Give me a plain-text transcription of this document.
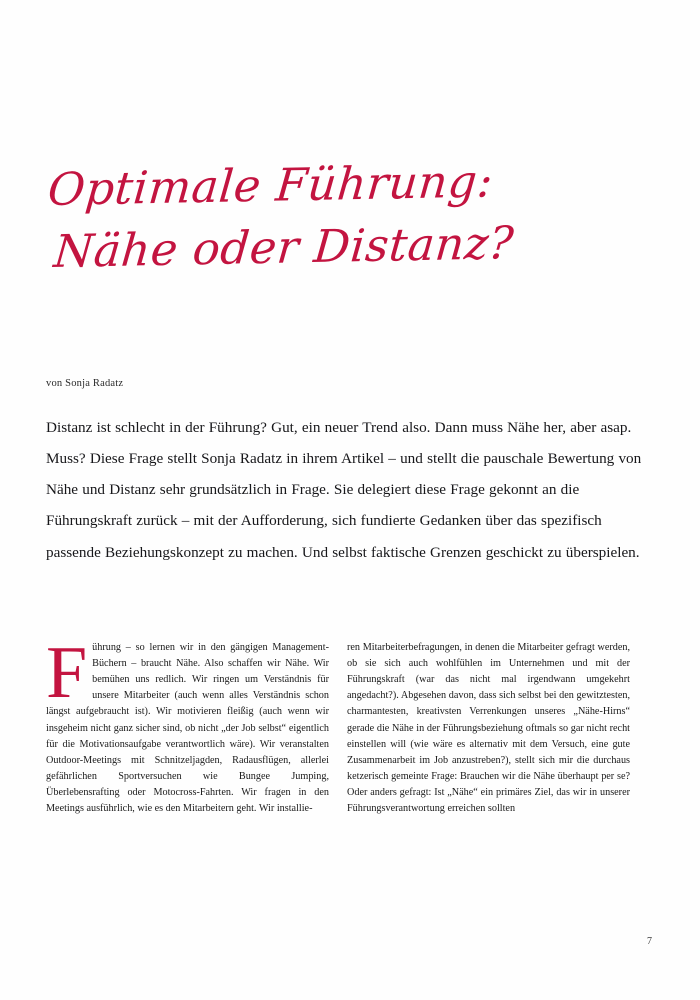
Optimale Führung:
Nähe oder Distanz?
von Sonja Radatz
Distanz ist schlecht in der Führung? Gut, ein neuer Trend also. Dann muss Nähe her, aber asap. Muss? Diese Frage stellt Sonja Radatz in ihrem Artikel – und stellt die pauschale Bewertung von Nähe und Distanz sehr grundsätzlich in Frage. Sie delegiert diese Frage gekonnt an die Führungskraft zurück – mit der Aufforderung, sich fundierte Gedanken über das spezifisch passende Beziehungskonzept zu machen. Und selbst faktische Grenzen geschickt zu überspielen.

Führung – so lernen wir in den gängigen Management-Büchern – braucht Nähe. Also schaffen wir Nähe. Wir bemühen uns redlich. Wir ringen um Verständnis für unsere Mitarbeiter (auch wenn alles Verständnis schon längst aufgebraucht ist). Wir motivieren fleißig (auch wenn wir insgeheim nicht ganz sicher sind, ob nicht „der Job selbst“ eigentlich für die Motivationsaufgabe verantwortlich wäre). Wir veranstalten Outdoor-Meetings mit Schnitzeljagden, Radausflügen, allerlei gefährlichen Sportversuchen wie Bungee Jumping, Überlebensrafting oder Motocross-Fahrten. Wir fragen in den Meetings ausführlich, wie es den Mitarbeitern geht. Wir installie-

ren Mitarbeiterbefragungen, in denen die Mitarbeiter gefragt werden, ob sie sich auch wohlfühlen im Unternehmen und mit der Führungskraft (war das nicht mal irgendwann umgekehrt angedacht?). Abgesehen davon, dass sich selbst bei den gewitztesten, charmantesten, kreativsten Verrenkungen unseres „Nähe-Hirns“ gerade die Nähe in der Führungsbeziehung oftmals so gar nicht recht einstellen will (wie wäre es alternativ mit dem Versuch, eine gute Zusammenarbeit im Job anzustreben?), stellt sich mir die durchaus ketzerisch gemeinte Frage: Brauchen wir die Nähe überhaupt per se? Oder anders gefragt: Ist „Nähe“ ein primäres Ziel, das wir in unserer Führungsverantwortung erreichen sollten

7
